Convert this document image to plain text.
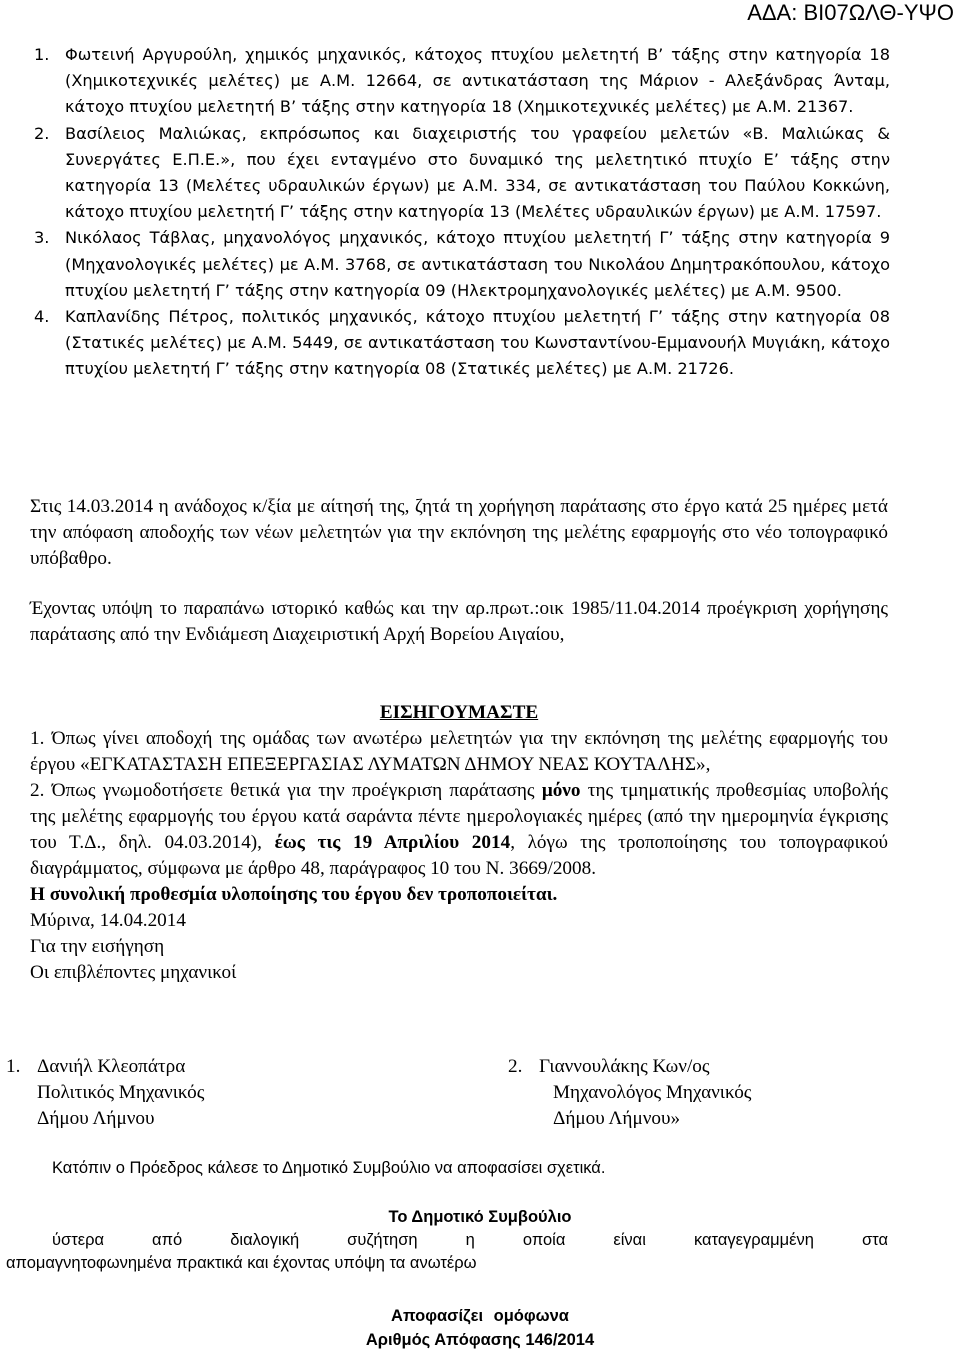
ΑΔΑ: ΒΙ07ΩΛΘ-ΥΨΟ
1. Φωτεινή Αργυρούλη, χημικός μηχανικός, κάτοχος πτυχίου μελετητή Β’ τάξης στην κατηγορία 18 (Χημικοτεχνικές μελέτες) με Α.Μ. 12664, σε αντικατάσταση της Μάριον - Αλεξάνδρας Άνταμ, κάτοχο πτυχίου μελετητή Β’ τάξης στην κατηγορία 18 (Χημικοτεχνικές μελέτες) με Α.Μ. 21367.
2. Βασίλειος Μαλιώκας, εκπρόσωπος και διαχειριστής του γραφείου μελετών «Β. Μαλιώκας & Συνεργάτες Ε.Π.Ε.», που έχει ενταγμένο στο δυναμικό της μελετητικό πτυχίο Ε’ τάξης στην κατηγορία 13 (Μελέτες υδραυλικών έργων) με Α.Μ. 334, σε αντικατάσταση του Παύλου Κοκκώνη, κάτοχο πτυχίου μελετητή Γ’ τάξης στην κατηγορία 13 (Μελέτες υδραυλικών έργων) με Α.Μ. 17597.
3. Νικόλαος Τάβλας, μηχανολόγος μηχανικός, κάτοχο πτυχίου μελετητή Γ’ τάξης στην κατηγορία 9 (Μηχανολογικές μελέτες) με Α.Μ. 3768, σε αντικατάσταση του Νικολάου Δημητρακόπουλου, κάτοχο πτυχίου μελετητή Γ’ τάξης στην κατηγορία 09 (Ηλεκτρομηχανολογικές μελέτες) με Α.Μ. 9500.
4. Καπλανίδης Πέτρος, πολιτικός μηχανικός, κάτοχο πτυχίου μελετητή Γ’ τάξης στην κατηγορία 08 (Στατικές μελέτες) με Α.Μ. 5449, σε αντικατάσταση του Κωνσταντίνου-Εμμανουήλ Μυγιάκη, κάτοχο πτυχίου μελετητή Γ’ τάξης στην κατηγορία 08 (Στατικές μελέτες) με Α.Μ. 21726.
Στις 14.03.2014 η ανάδοχος κ/ξία με αίτησή της, ζητά τη χορήγηση παράτασης στο έργο κατά 25 ημέρες μετά την απόφαση αποδοχής των νέων μελετητών για την εκπόνηση της μελέτης εφαρμογής στο νέο τοπογραφικό υπόβαθρο.
Έχοντας υπόψη το παραπάνω ιστορικό καθώς και την αρ.πρωτ.:οικ 1985/11.04.2014 προέγκριση χορήγησης παράτασης από την Ενδιάμεση Διαχειριστική Αρχή Βορείου Αιγαίου,
ΕΙΣΗΓΟΥΜΑΣΤΕ
1. Όπως γίνει αποδοχή της ομάδας των ανωτέρω μελετητών για την εκπόνηση της μελέτης εφαρμογής του έργου «ΕΓΚΑΤΑΣΤΑΣΗ ΕΠΕΞΕΡΓΑΣΙΑΣ ΛΥΜΑΤΩΝ ΔΗΜΟΥ ΝΕΑΣ ΚΟΥΤΑΛΗΣ»,
2. Όπως γνωμοδοτήσετε θετικά για την προέγκριση παράτασης μόνο της τμηματικής προθεσμίας υποβολής της μελέτης εφαρμογής του έργου κατά σαράντα πέντε ημερολογιακές ημέρες (από την ημερομηνία έγκρισης του Τ.Δ., δηλ. 04.03.2014), έως τις 19 Απριλίου 2014, λόγω της τροποποίησης του τοπογραφικού διαγράμματος, σύμφωνα με άρθρο 48, παράγραφος 10 του Ν. 3669/2008.
Η συνολική προθεσμία υλοποίησης του έργου δεν τροποποιείται.
Μύρινα, 14.04.2014
Για την εισήγηση
Οι επιβλέποντες μηχανικοί
1. Δανιήλ Κλεοπάτρα
Πολιτικός Μηχανικός
Δήμου Λήμνου
2. Γιαννουλάκης Κων/ος
Μηχανολόγος Μηχανικός
Δήμου Λήμνου»
Κατόπιν ο Πρόεδρος κάλεσε το Δημοτικό Συμβούλιο να αποφασίσει σχετικά.
Το Δημοτικό Συμβούλιο
ύστερα από διαλογική συζήτηση η οποία είναι καταγεγραμμένη στα
απομαγνητοφωνημένα πρακτικά και έχοντας υπόψη τα ανωτέρω
Αποφασίζει ομόφωνα
Αριθμός Απόφασης 146/2014
